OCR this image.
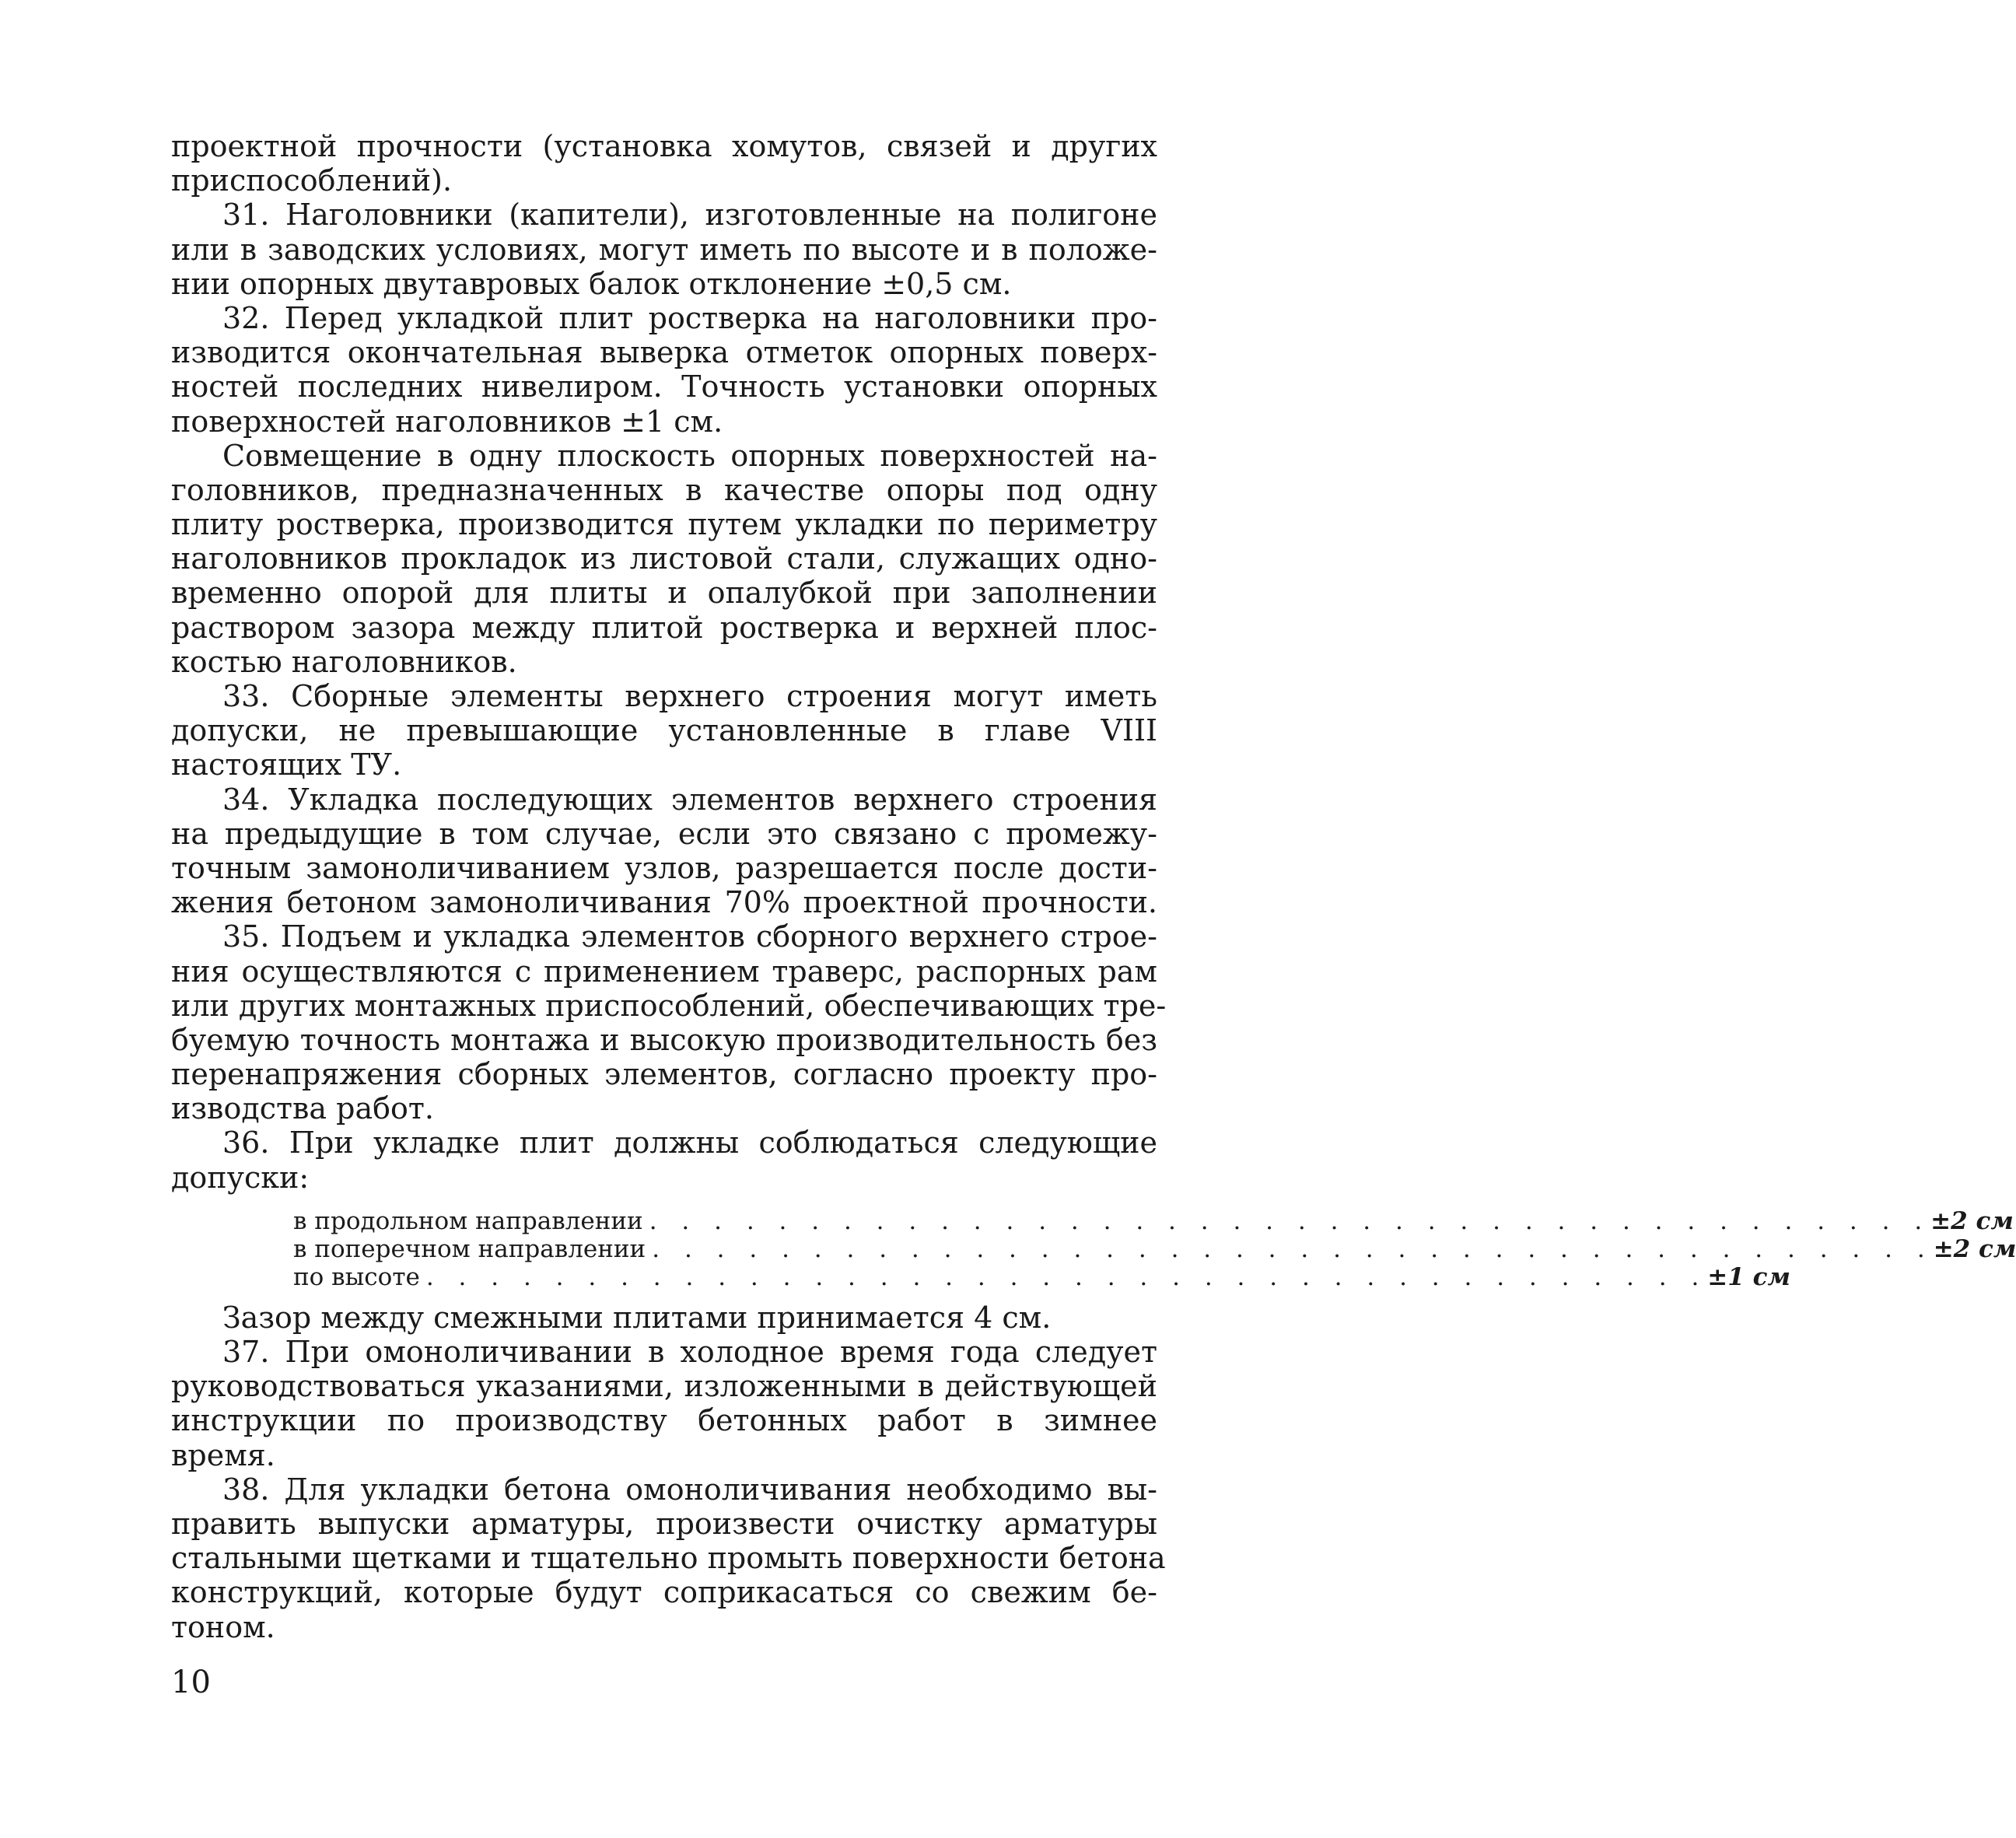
проектной прочности (установка хомутов, связей и других
приспособлений).
31. Наголовники (капители), изготовленные на полигоне
или в заводских условиях, могут иметь по высоте и в положе-
нии опорных двутавровых балок отклонение ±0,5 см.
32. Перед укладкой плит ростверка на наголовники про-
изводится окончательная выверка отметок опорных поверх-
ностей последних нивелиром. Точность установки опорных
поверхностей наголовников ±1 см.
Совмещение в одну плоскость опорных поверхностей на-
головников, предназначенных в качестве опоры под одну
плиту ростверка, производится путем укладки по периметру
наголовников прокладок из листовой стали, служащих одно-
временно опорой для плиты и опалубкой при заполнении
раствором зазора между плитой ростверка и верхней плос-
костью наголовников.
33. Сборные элементы верхнего строения могут иметь
допуски, не превышающие установленные в главе VIII
настоящих ТУ.
34. Укладка последующих элементов верхнего строения
на предыдущие в том случае, если это связано с промежу-
точным замоноличиванием узлов, разрешается после дости-
жения бетоном замоноличивания 70% проектной прочности.
35. Подъем и укладка элементов сборного верхнего строе-
ния осуществляются с применением траверс, распорных рам
или других монтажных приспособлений, обеспечивающих тре-
буемую точность монтажа и высокую производительность без
перенапряжения сборных элементов, согласно проекту про-
изводства работ.
36. При укладке плит должны соблюдаться следующие
допуски:
в продольном направлении . . . . . . . . . . . . . . . . . . . . . . . . . . . . . . . . . . . . . . . . ±2 см
в поперечном направлении . . . . . . . . . . . . . . . . . . . . . . . . . . . . . . . . . . . . . . . . ±2 см
по высоте . . . . . . . . . . . . . . . . . . . . . . . . . . . . . . . . . . . . . . . . ±1 см
Зазор между смежными плитами принимается 4 см.
37. При омоноличивании в холодное время года следует
руководствоваться указаниями, изложенными в действующей
инструкции по производству бетонных работ в зимнее
время.
38. Для укладки бетона омоноличивания необходимо вы-
править выпуски арматуры, произвести очистку арматуры
стальными щетками и тщательно промыть поверхности бетона
конструкций, которые будут соприкасаться со свежим бе-
тоном.
10
